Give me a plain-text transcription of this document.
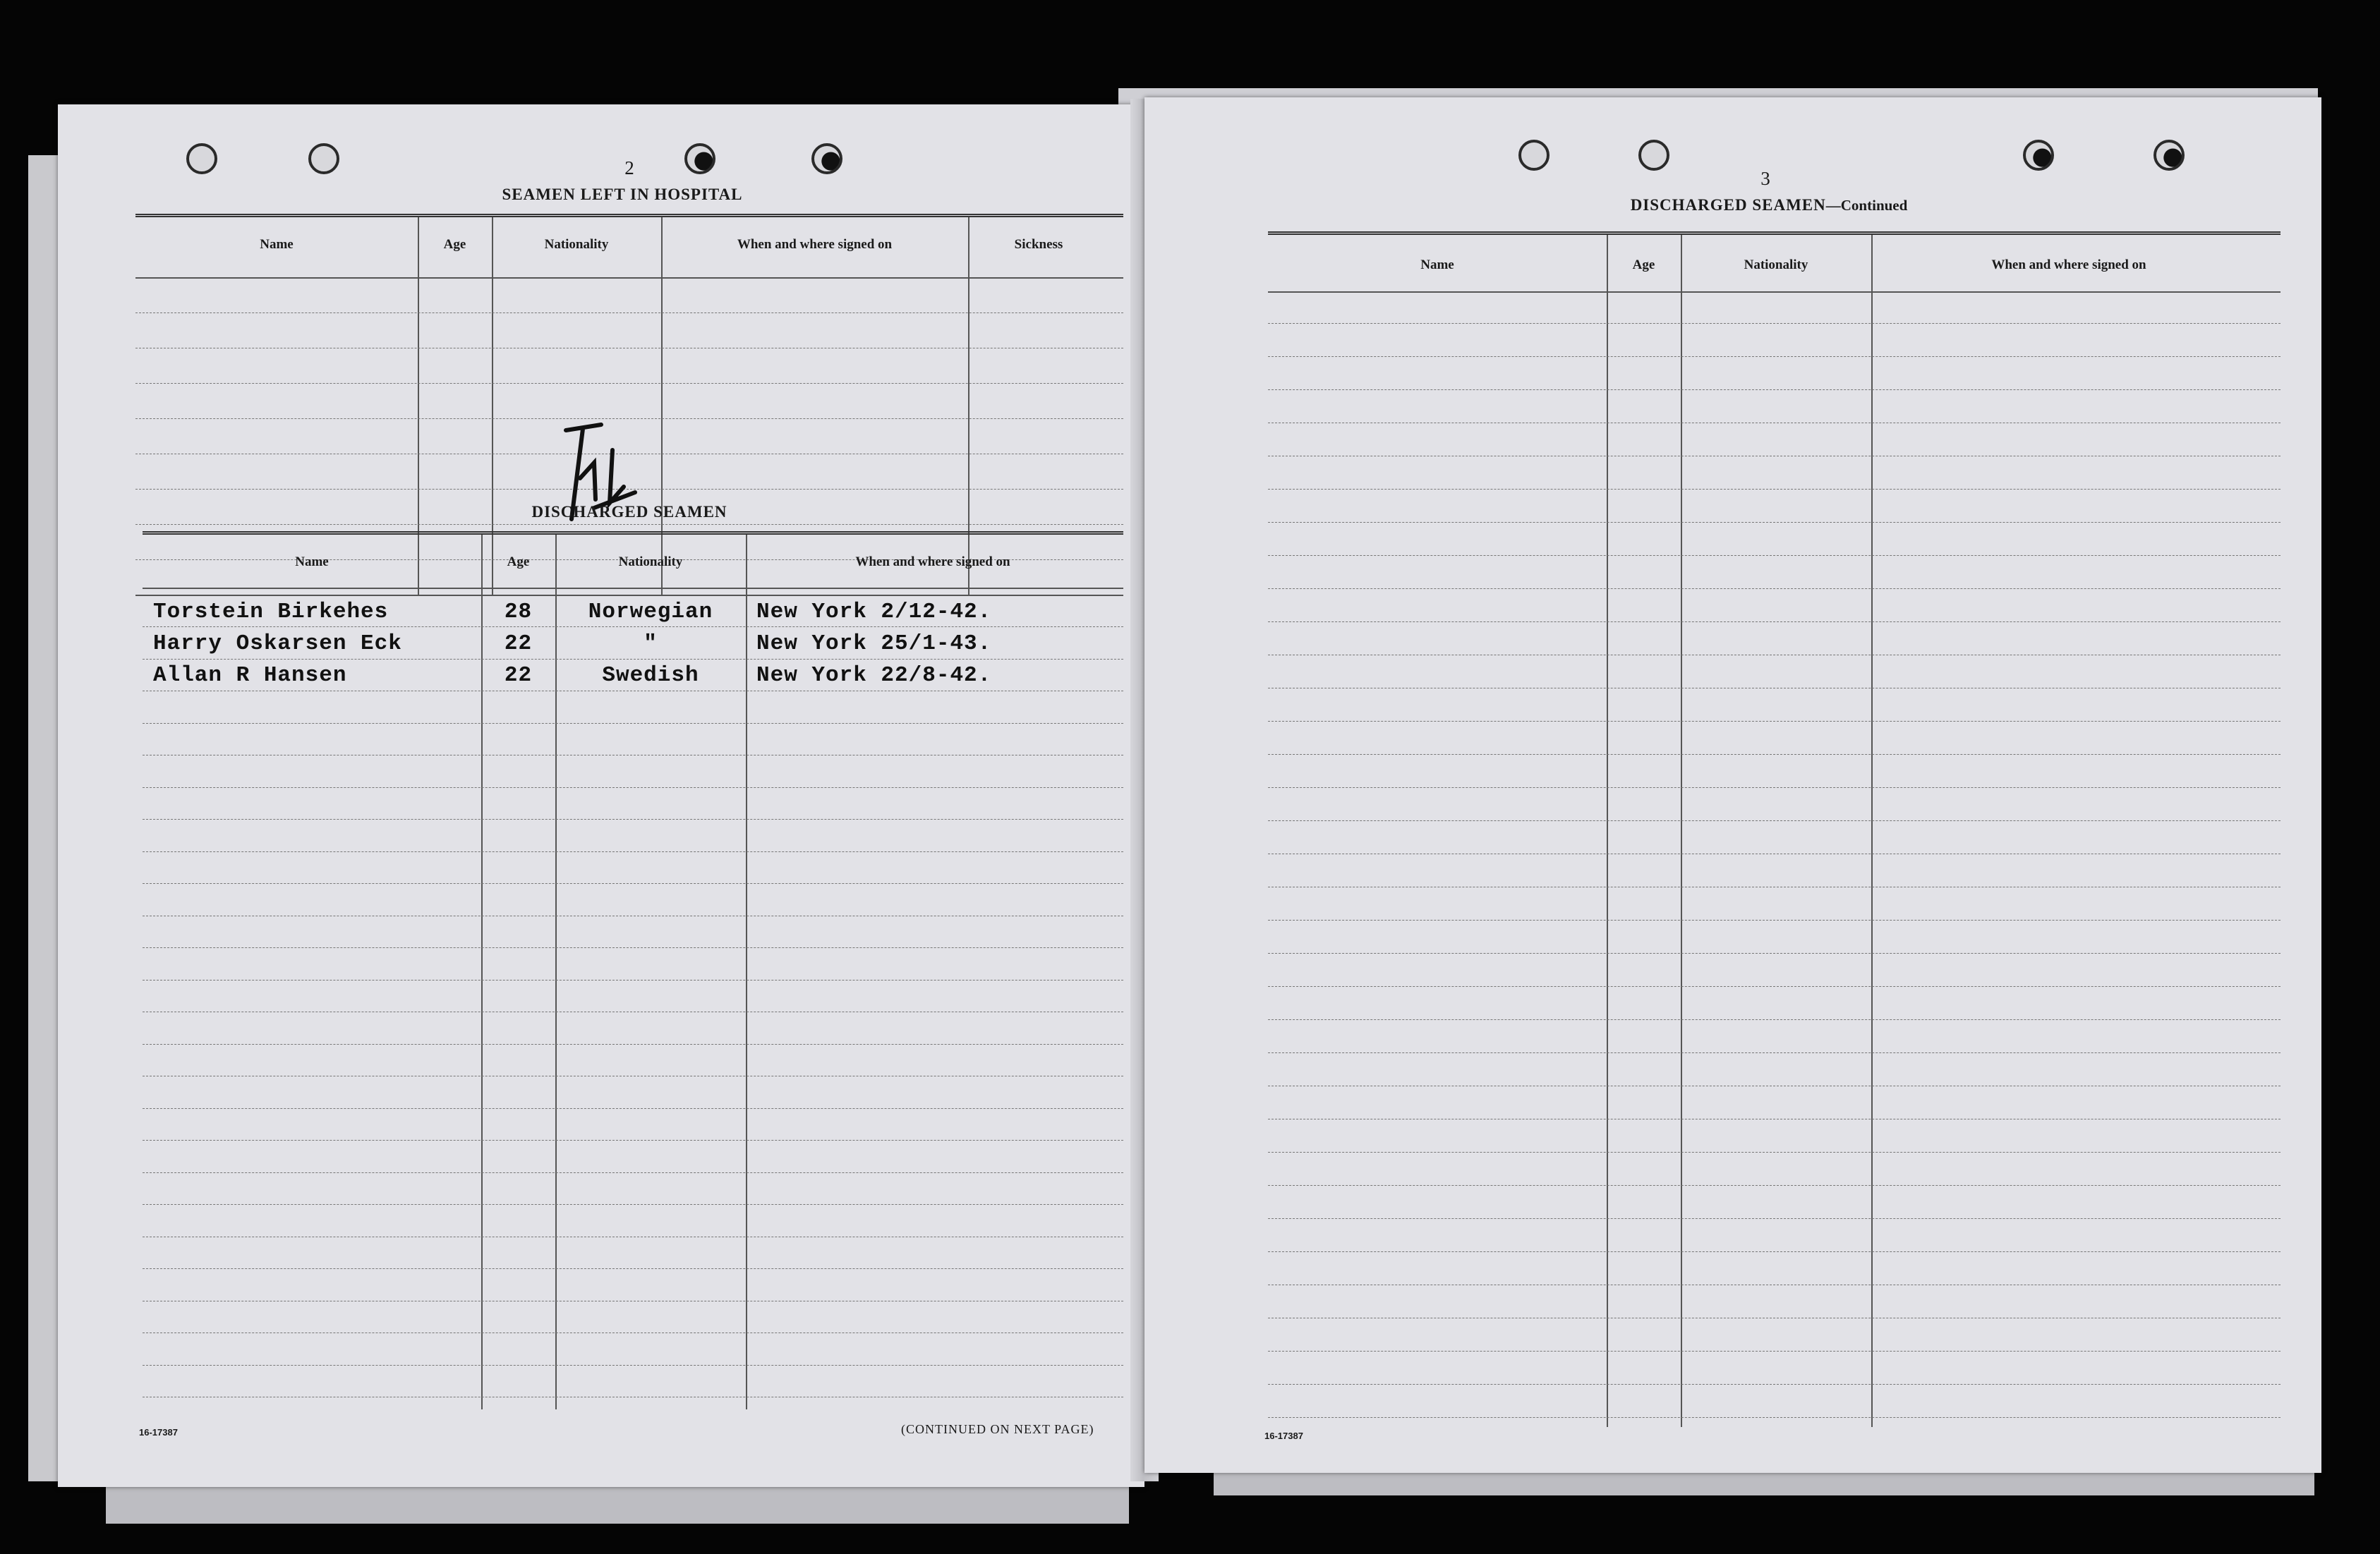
2
SEAMEN LEFT IN HOSPITAL
Name	Age	Nationality	When and where signed on	Sickness
DISCHARGED SEAMEN
Name	Age	Nationality	When and where signed on
Torstein Birkehes	28	Norwegian	New York 2/12-42.
Harry Oskarsen Eck	22	"	New York 25/1-43.
Allan R Hansen	22	Swedish	New York 22/8-42.
16-17387	(CONTINUED ON NEXT PAGE)
3
DISCHARGED SEAMEN—Continued
Name	Age	Nationality	When and where signed on
16-17387
